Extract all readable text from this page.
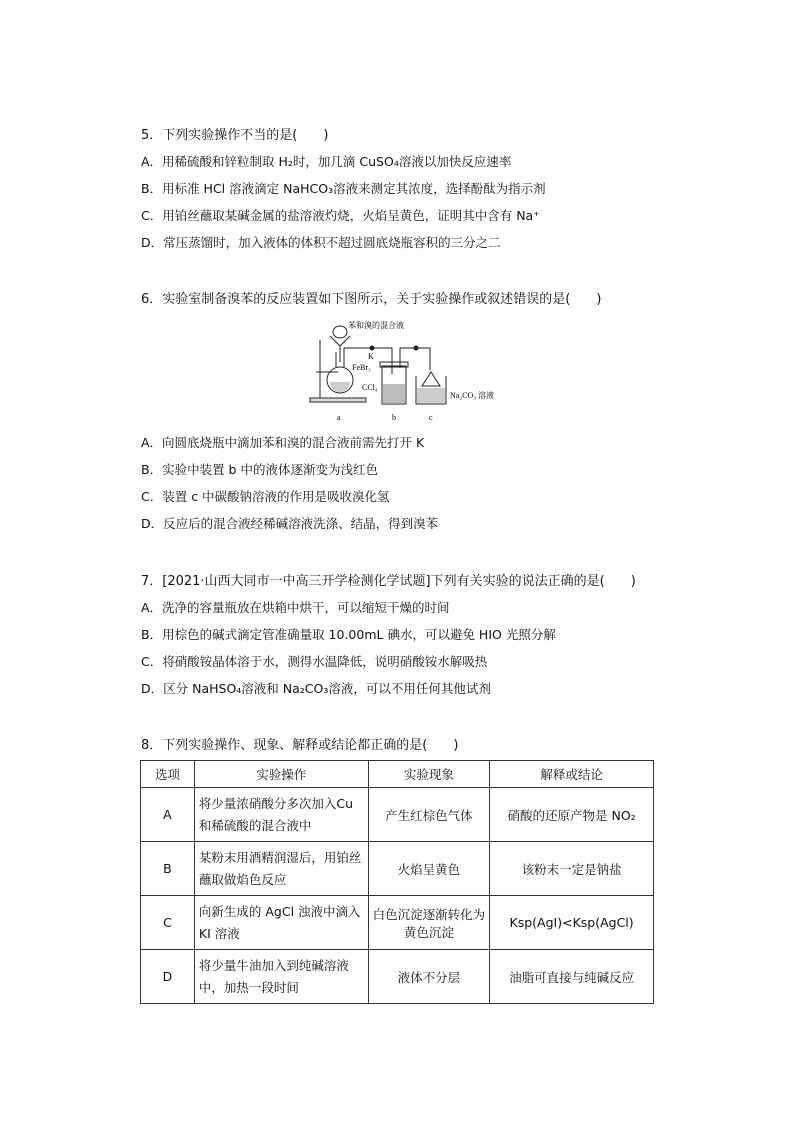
5．下列实验操作不当的是(　　)
A．用稀硫酸和锌粒制取 H₂时，加几滴 CuSO₄溶液以加快反应速率
B．用标准 HCl 溶液滴定 NaHCO₃溶液来测定其浓度，选择酚酞为指示剂
C．用铂丝蘸取某碱金属的盐溶液灼烧，火焰呈黄色，证明其中含有 Na⁺
D．常压蒸馏时，加入液体的体积不超过圆底烧瓶容积的三分之二
6．实验室制备溴苯的反应装置如下图所示，关于实验操作或叙述错误的是(　　)
苯和溴的混合液
K
FeBr₃
CCl₄
Na₂CO₃ 溶液
a	b	c
A．向圆底烧瓶中滴加苯和溴的混合液前需先打开 K
B．实验中装置 b 中的液体逐渐变为浅红色
C．装置 c 中碳酸钠溶液的作用是吸收溴化氢
D．反应后的混合液经稀碱溶液洗涤、结晶，得到溴苯
7．[2021·山西大同市一中高三开学检测化学试题]下列有关实验的说法正确的是(　　)
A．洗净的容量瓶放在烘箱中烘干，可以缩短干燥的时间
B．用棕色的碱式滴定管准确量取 10.00mL 碘水，可以避免 HIO 光照分解
C．将硝酸铵晶体溶于水，测得水温降低，说明硝酸铵水解吸热
D．区分 NaHSO₄溶液和 Na₂CO₃溶液，可以不用任何其他试剂
8．下列实验操作、现象、解释或结论都正确的是(　　)
选项	实验操作	实验现象	解释或结论
A	将少量浓硝酸分多次加入Cu 和稀硫酸的混合液中	产生红棕色气体	硝酸的还原产物是 NO₂
B	某粉末用酒精润湿后，用铂丝蘸取做焰色反应	火焰呈黄色	该粉末一定是钠盐
C	向新生成的 AgCl 浊液中滴入 KI 溶液	白色沉淀逐渐转化为黄色沉淀	Ksp(AgI)<Ksp(AgCl)
D	将少量牛油加入到纯碱溶液中，加热一段时间	液体不分层	油脂可直接与纯碱反应
